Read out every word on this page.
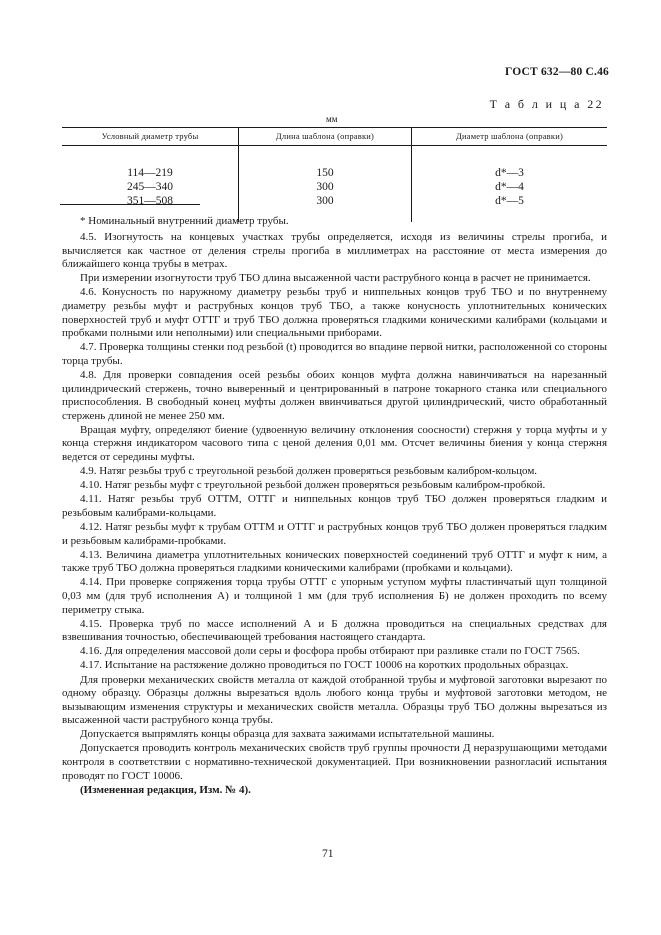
ГОСТ 632—80 С.46
Т а б л и ц а 22
мм
Условный диаметр трубы	Длина шаблона (оправки)	Диаметр шаблона (оправки)
114—219	150	d*—3
245—340	300	d*—4
351—508	300	d*—5
* Номинальный внутренний диаметр трубы.

4.5. Изогнутость на концевых участках трубы определяется, исходя из величины стрелы прогиба, и вычисляется как частное от деления стрелы прогиба в миллиметрах на расстояние от места измерения до ближайшего конца трубы в метрах.

При измерении изогнутости труб ТБО длина высаженной части раструбного конца в расчет не принимается.

4.6. Конусность по наружному диаметру резьбы труб и ниппельных концов труб ТБО и по внутреннему диаметру резьбы муфт и раструбных концов труб ТБО, а также конусность уплотнительных конических поверхностей труб и муфт ОТТГ и труб ТБО должна проверяться гладкими коническими калибрами (кольцами и пробками полными или неполными) или специальными приборами.

4.7. Проверка толщины стенки под резьбой (t) проводится во впадине первой нитки, расположенной со стороны торца трубы.

4.8. Для проверки совпадения осей резьбы обоих концов муфта должна навинчиваться на нарезанный цилиндрический стержень, точно выверенный и центрированный в патроне токарного станка или специального приспособления. В свободный конец муфты должен ввинчиваться другой цилиндрический, чисто обработанный стержень длиной не менее 250 мм.

Вращая муфту, определяют биение (удвоенную величину отклонения соосности) стержня у торца муфты и у конца стержня индикатором часового типа с ценой деления 0,01 мм. Отсчет величины биения у конца стержня ведется от середины муфты.

4.9. Натяг резьбы труб с треугольной резьбой должен проверяться резьбовым калибром-кольцом.

4.10. Натяг резьбы муфт с треугольной резьбой должен проверяться резьбовым калибром-пробкой.

4.11. Натяг резьбы труб ОТТМ, ОТТГ и ниппельных концов труб ТБО должен проверяться гладким и резьбовым калибрами-кольцами.

4.12. Натяг резьбы муфт к трубам ОТТМ и ОТТГ и раструбных концов труб ТБО должен проверяться гладким и резьбовым калибрами-пробками.

4.13. Величина диаметра уплотнительных конических поверхностей соединений труб ОТТГ и муфт к ним, а также труб ТБО должна проверяться гладкими коническими калибрами (пробками и кольцами).

4.14. При проверке сопряжения торца трубы ОТТГ с упорным уступом муфты пластинчатый щуп толщиной 0,03 мм (для труб исполнения А) и толщиной 1 мм (для труб исполнения Б) не должен проходить по всему периметру стыка.

4.15. Проверка труб по массе исполнений А и Б должна проводиться на специальных средствах для взвешивания точностью, обеспечивающей требования настоящего стандарта.

4.16. Для определения массовой доли серы и фосфора пробы отбирают при разливке стали по ГОСТ 7565.

4.17. Испытание на растяжение должно проводиться по ГОСТ 10006 на коротких продольных образцах.

Для проверки механических свойств металла от каждой отобранной трубы и муфтовой заготовки вырезают по одному образцу. Образцы должны вырезаться вдоль любого конца трубы и муфтовой заготовки методом, не вызывающим изменения структуры и механических свойств металла. Образцы труб ТБО должны вырезаться из высаженной части раструбного конца трубы.

Допускается выпрямлять концы образца для захвата зажимами испытательной машины.

Допускается проводить контроль механических свойств труб группы прочности Д неразрушающими методами контроля в соответствии с нормативно-технической документацией. При возникновении разногласий испытания проводят по ГОСТ 10006.

(Измененная редакция, Изм. № 4).

71
